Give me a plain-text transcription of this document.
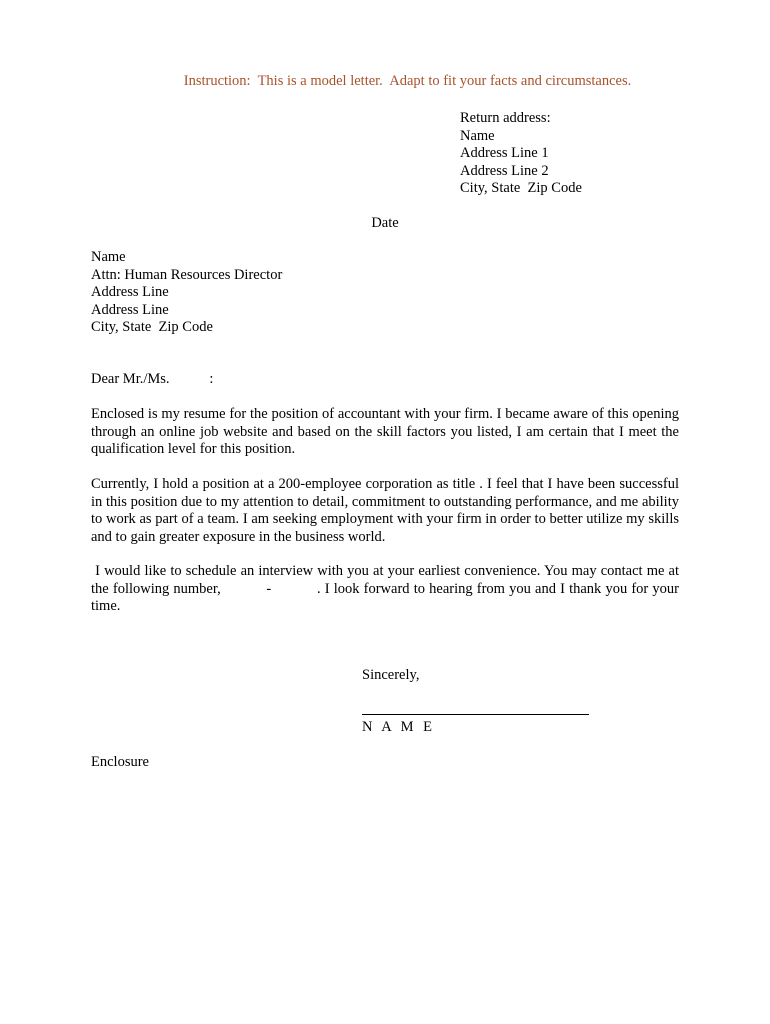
Instruction:  This is a model letter.  Adapt to fit your facts and circumstances.
Return address:
Name
Address Line 1
Address Line 2
City, State  Zip Code
Date
Name
Attn: Human Resources Director
Address Line
Address Line
City, State  Zip Code
Dear Mr./Ms.           :
Enclosed is my resume for the position of accountant with your firm. I became aware of this opening through an online job website and based on the skill factors you listed, I am certain that I meet the qualification level for this position.
Currently, I hold a position at a 200-employee corporation as title . I feel that I have been successful in this position due to my attention to detail, commitment to outstanding performance, and me ability to work as part of a team. I am seeking employment with your firm in order to better utilize my skills and to gain greater exposure in the business world.
I would like to schedule an interview with you at your earliest convenience. You may contact me at the following number,           -           . I look forward to hearing from you and I thank you for your time.
Sincerely,
N A M E
Enclosure
